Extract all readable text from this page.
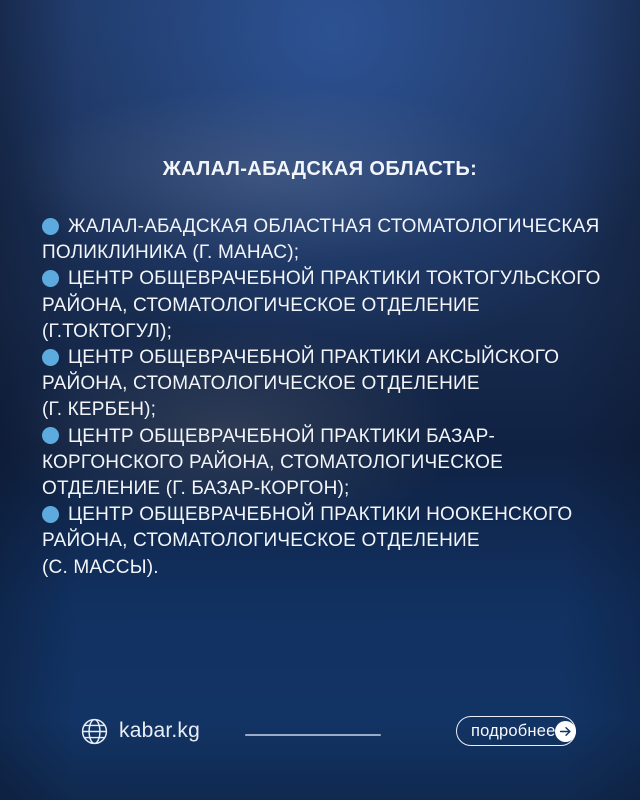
ЖАЛАЛ-АБАДСКАЯ ОБЛАСТЬ:
ЖАЛАЛ-АБАДСКАЯ ОБЛАСТНАЯ СТОМАТОЛОГИЧЕСКАЯ
ПОЛИКЛИНИКА (Г. МАНАС);
ЦЕНТР ОБЩЕВРАЧЕБНОЙ ПРАКТИКИ ТОКТОГУЛЬСКОГО
РАЙОНА, СТОМАТОЛОГИЧЕСКОЕ ОТДЕЛЕНИЕ
(Г.ТОКТОГУЛ);
ЦЕНТР ОБЩЕВРАЧЕБНОЙ ПРАКТИКИ АКСЫЙСКОГО
РАЙОНА, СТОМАТОЛОГИЧЕСКОЕ ОТДЕЛЕНИЕ
(Г. КЕРБЕН);
ЦЕНТР ОБЩЕВРАЧЕБНОЙ ПРАКТИКИ БАЗАР-
КОРГОНСКОГО РАЙОНА, СТОМАТОЛОГИЧЕСКОЕ
ОТДЕЛЕНИЕ (Г. БАЗАР-КОРГОН);
ЦЕНТР ОБЩЕВРАЧЕБНОЙ ПРАКТИКИ НООКЕНСКОГО
РАЙОНА, СТОМАТОЛОГИЧЕСКОЕ ОТДЕЛЕНИЕ
(С. МАССЫ).
kabar.kg	подробнее
